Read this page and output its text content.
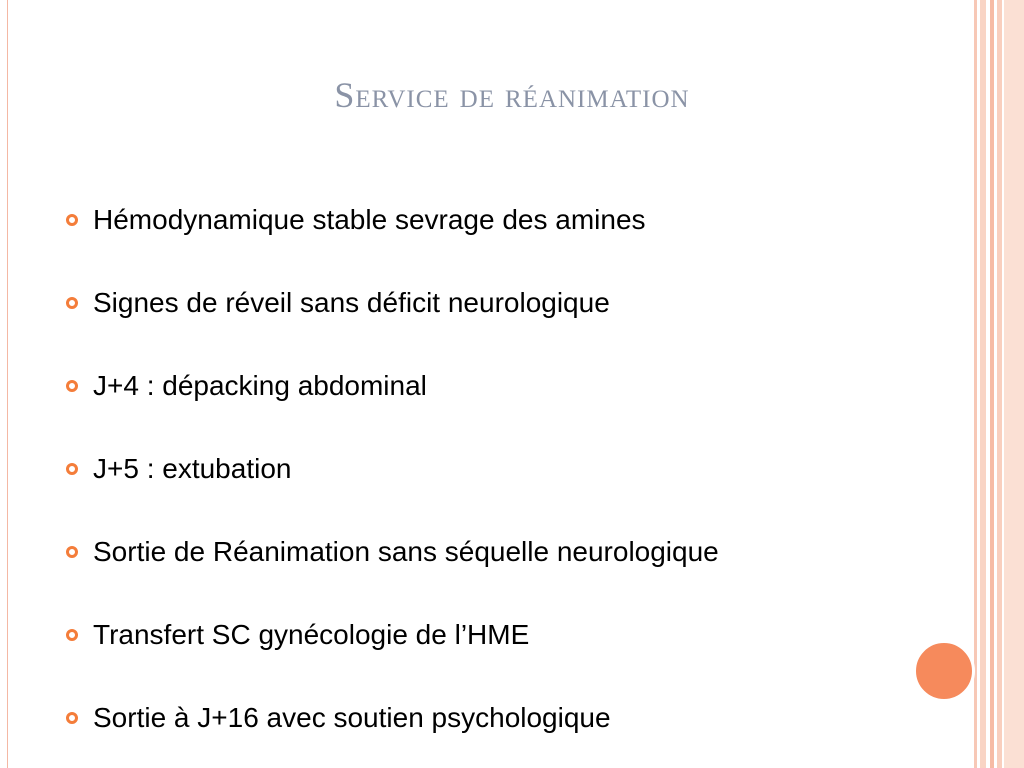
Service de réanimation
Hémodynamique stable sevrage des amines
Signes de réveil sans déficit neurologique
J+4 : dépacking abdominal
J+5 : extubation
Sortie de Réanimation sans séquelle neurologique
Transfert SC gynécologie de l’HME
Sortie à J+16 avec soutien psychologique
